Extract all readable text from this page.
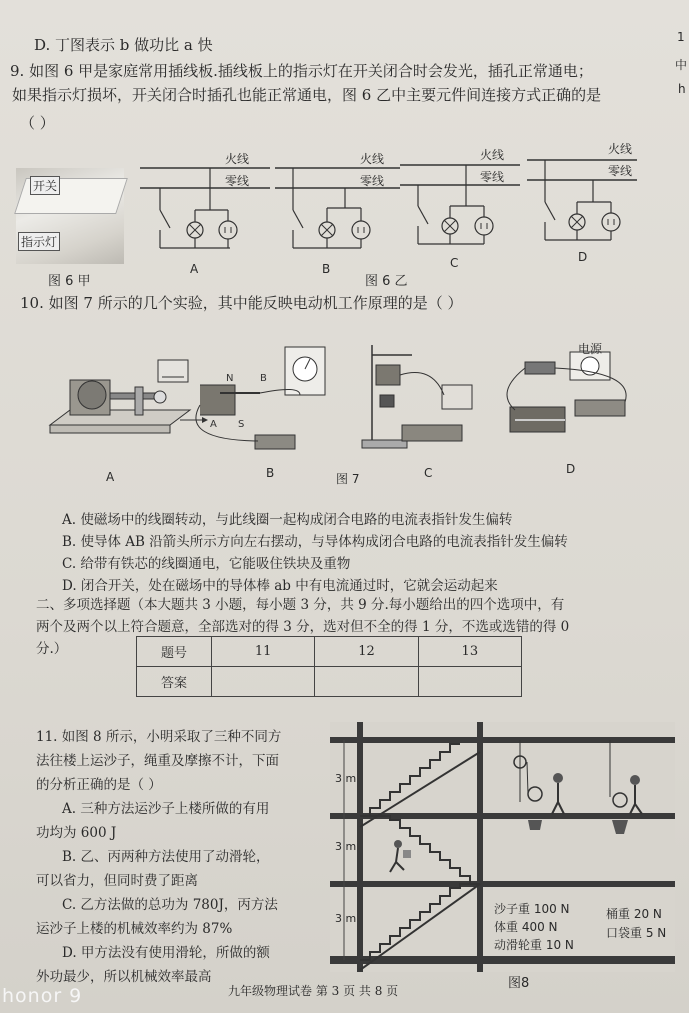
D. 丁图表示 b 做功比 a 快
9. 如图 6 甲是家庭常用插线板.插线板上的指示灯在开关闭合时会发光，插孔正常通电；
如果指示灯损坏，开关闭合时插孔也能正常通电，图 6 乙中主要元件间连接方式正确的是
（ ）
开关
指示灯
图 6 甲
火线
零线
A
火线
零线
B
图 6 乙
火线
零线
C
火线
零线
D
10. 如图 7 所示的几个实验，其中能反映电动机工作原理的是（ ）
A
N	B
A S
B	图 7	C
电源
D
A. 使磁场中的线圈转动，与此线圈一起构成闭合电路的电流表指针发生偏转
B. 使导体 AB 沿箭头所示方向左右摆动，与导体构成闭合电路的电流表指针发生偏转
C. 给带有铁芯的线圈通电，它能吸住铁块及重物
D. 闭合开关，处在磁场中的导体棒 ab 中有电流通过时，它就会运动起来
二、多项选择题（本大题共 3 小题，每小题 3 分，共 9 分.每小题给出的四个选项中，有
两个及两个以上符合题意，全部选对的得 3 分，选对但不全的得 1 分，不选或选错的得 0
分.）	题号	11	12	13
答案			
11. 如图 8 所示，小明采取了三种不同方
法往楼上运沙子，绳重及摩擦不计，下面
的分析正确的是（ ）
A. 三种方法运沙子上楼所做的有用
功均为 600 J
B. 乙、丙两种方法使用了动滑轮，
可以省力，但同时费了距离
C. 乙方法做的总功为 780J，丙方法
运沙子上楼的机械效率约为 87%
D. 甲方法没有使用滑轮，所做的额
外功最少，所以机械效率最高
3 m
3 m
3 m
沙子重 100 N
体重 400 N
动滑轮重 10 N
桶重 20 N
口袋重 5 N
图8
九年级物理试卷 第 3 页 共 8 页
1
中
h
honor 9
